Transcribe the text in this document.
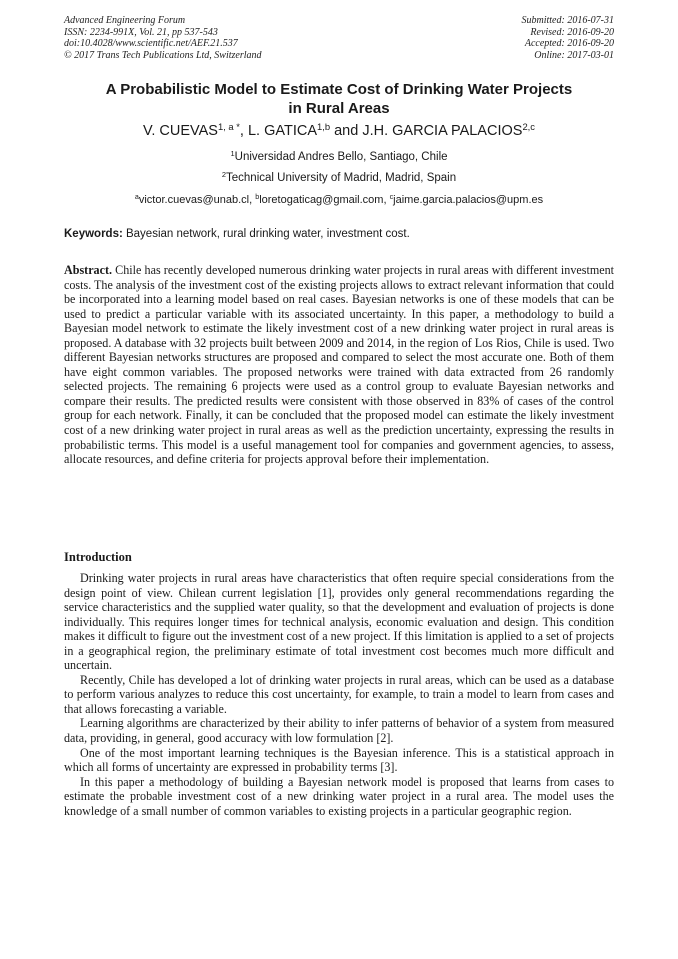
Advanced Engineering Forum
ISSN: 2234-991X, Vol. 21, pp 537-543
doi:10.4028/www.scientific.net/AEF.21.537
© 2017 Trans Tech Publications Ltd, Switzerland
Submitted: 2016-07-31
Revised: 2016-09-20
Accepted: 2016-09-20
Online: 2017-03-01
A Probabilistic Model to Estimate Cost of Drinking Water Projects
in Rural Areas
V. $CUEVAS^{1, a *}$, L. GATICA$^{1,b}$ and J.H. GARCIA PALACIOS$^{2,c}$
$^1$Universidad Andres Bello, Santiago, Chile
$^2$Technical University of Madrid, Madrid, Spain
$^a$victor.cuevas@unab.cl, $^b$loretogaticag@gmail.com, $^c$jaime.garcia.palacios@upm.es
Keywords: Bayesian network, rural drinking water, investment cost.

Abstract. Chile has recently developed numerous drinking water projects in rural areas with different investment costs. The analysis of the investment cost of the existing projects allows to extract relevant information that could be incorporated into a learning model based on real cases. Bayesian networks is one of these models that can be used to predict a particular variable with its associated uncertainty. In this paper, a methodology to build a Bayesian model network to estimate the likely investment cost of a new drinking water project in rural areas is proposed. A database with 32 projects built between 2009 and 2014, in the region of Los Rios, Chile is used. Two different Bayesian networks structures are proposed and compared to select the most accurate one. Both of them have eight common variables. The proposed networks were trained with data extracted from 26 randomly selected projects. The remaining 6 projects were used as a control group to evaluate Bayesian networks and compare their results. The predicted results were consistent with those observed in 83% of cases of the control group for each network. Finally, it can be concluded that the proposed model can estimate the likely investment cost of a new drinking water project in rural areas as well as the prediction uncertainty, expressing the results in probabilistic terms. This model is a useful management tool for companies and government agencies, to assess, allocate resources, and define criteria for projects approval before their implementation.

Introduction

Drinking water projects in rural areas have characteristics that often require special considerations from the design point of view. Chilean current legislation [1], provides only general recommendations regarding the service characteristics and the supplied water quality, so that the development and evaluation of projects is done individually. This requires longer times for technical analysis, economic evaluation and design. This condition makes it difficult to figure out the investment cost of a new project. If this limitation is applied to a set of projects in a geographical region, the preliminary estimate of total investment cost becomes much more difficult and uncertain.

Recently, Chile has developed a lot of drinking water projects in rural areas, which can be used as a database to perform various analyzes to reduce this cost uncertainty, for example, to train a model to learn from cases and that allows forecasting a variable.

Learning algorithms are characterized by their ability to infer patterns of behavior of a system from measured data, providing, in general, good accuracy with low formulation [2].

One of the most important learning techniques is the Bayesian inference. This is a statistical approach in which all forms of uncertainty are expressed in probability terms [3].

In this paper a methodology of building a Bayesian network model is proposed that learns from cases to estimate the probable investment cost of a new drinking water project in a rural area. The model uses the knowledge of a small number of common variables to existing projects in a particular geographic region.
